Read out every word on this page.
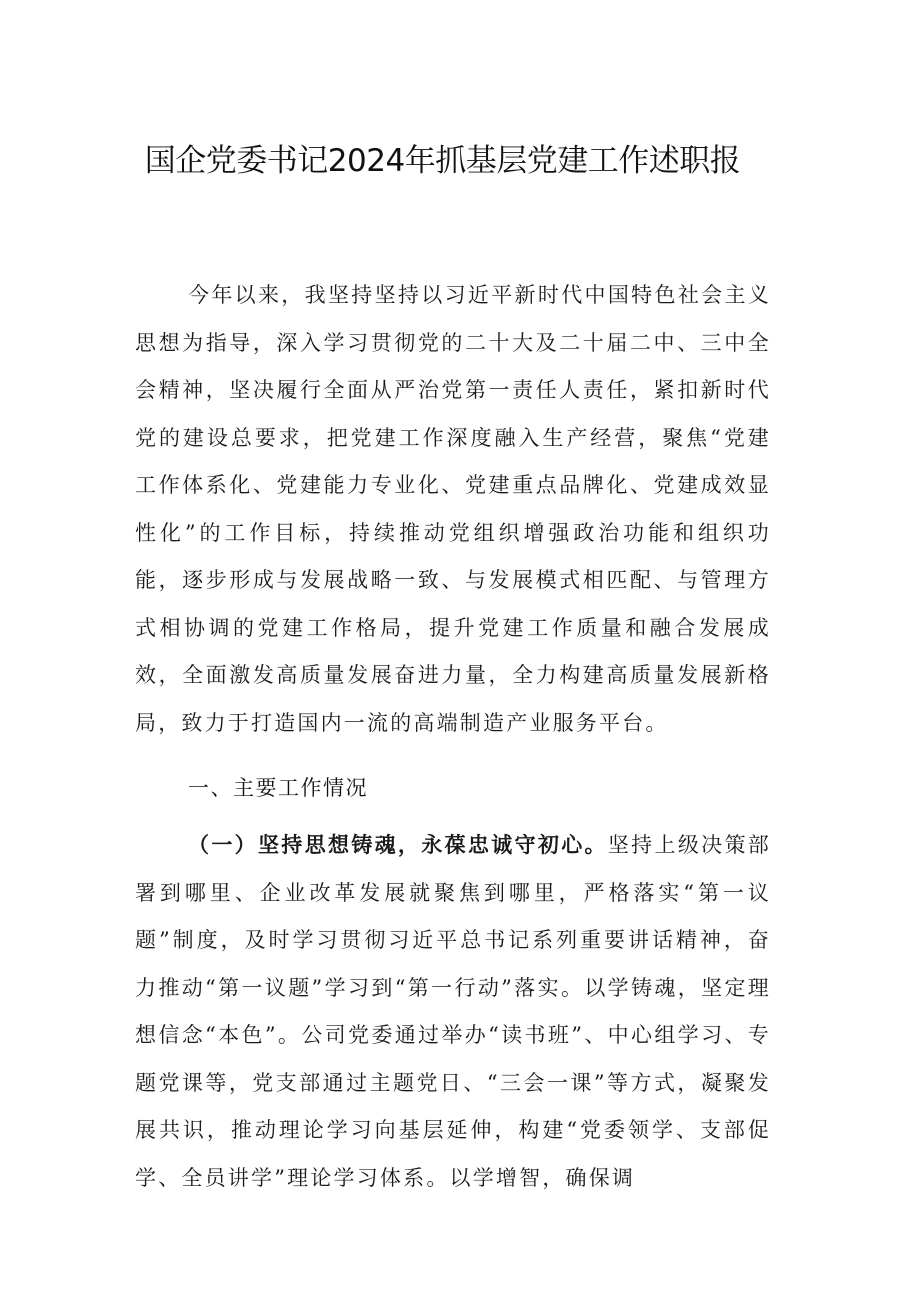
国企党委书记2024年抓基层党建工作述职报

今年以来，我坚持坚持以习近平新时代中国特色社会主义思想为指导，深入学习贯彻党的二十大及二十届二中、三中全会精神，坚决履行全面从严治党第一责任人责任，紧扣新时代党的建设总要求，把党建工作深度融入生产经营，聚焦“党建工作体系化、党建能力专业化、党建重点品牌化、党建成效显性化”的工作目标，持续推动党组织增强政治功能和组织功能，逐步形成与发展战略一致、与发展模式相匹配、与管理方式相协调的党建工作格局，提升党建工作质量和融合发展成效，全面激发高质量发展奋进力量，全力构建高质量发展新格局，致力于打造国内一流的高端制造产业服务平台。

一、主要工作情况

（一）坚持思想铸魂，永葆忠诚守初心。坚持上级决策部署到哪里、企业改革发展就聚焦到哪里，严格落实“第一议题”制度，及时学习贯彻习近平总书记系列重要讲话精神，奋力推动“第一议题”学习到“第一行动”落实。以学铸魂，坚定理想信念“本色”。公司党委通过举办“读书班”、中心组学习、专题党课等，党支部通过主题党日、“三会一课”等方式，凝聚发展共识，推动理论学习向基层延伸，构建“党委领学、支部促学、全员讲学”理论学习体系。以学增智，确保调
